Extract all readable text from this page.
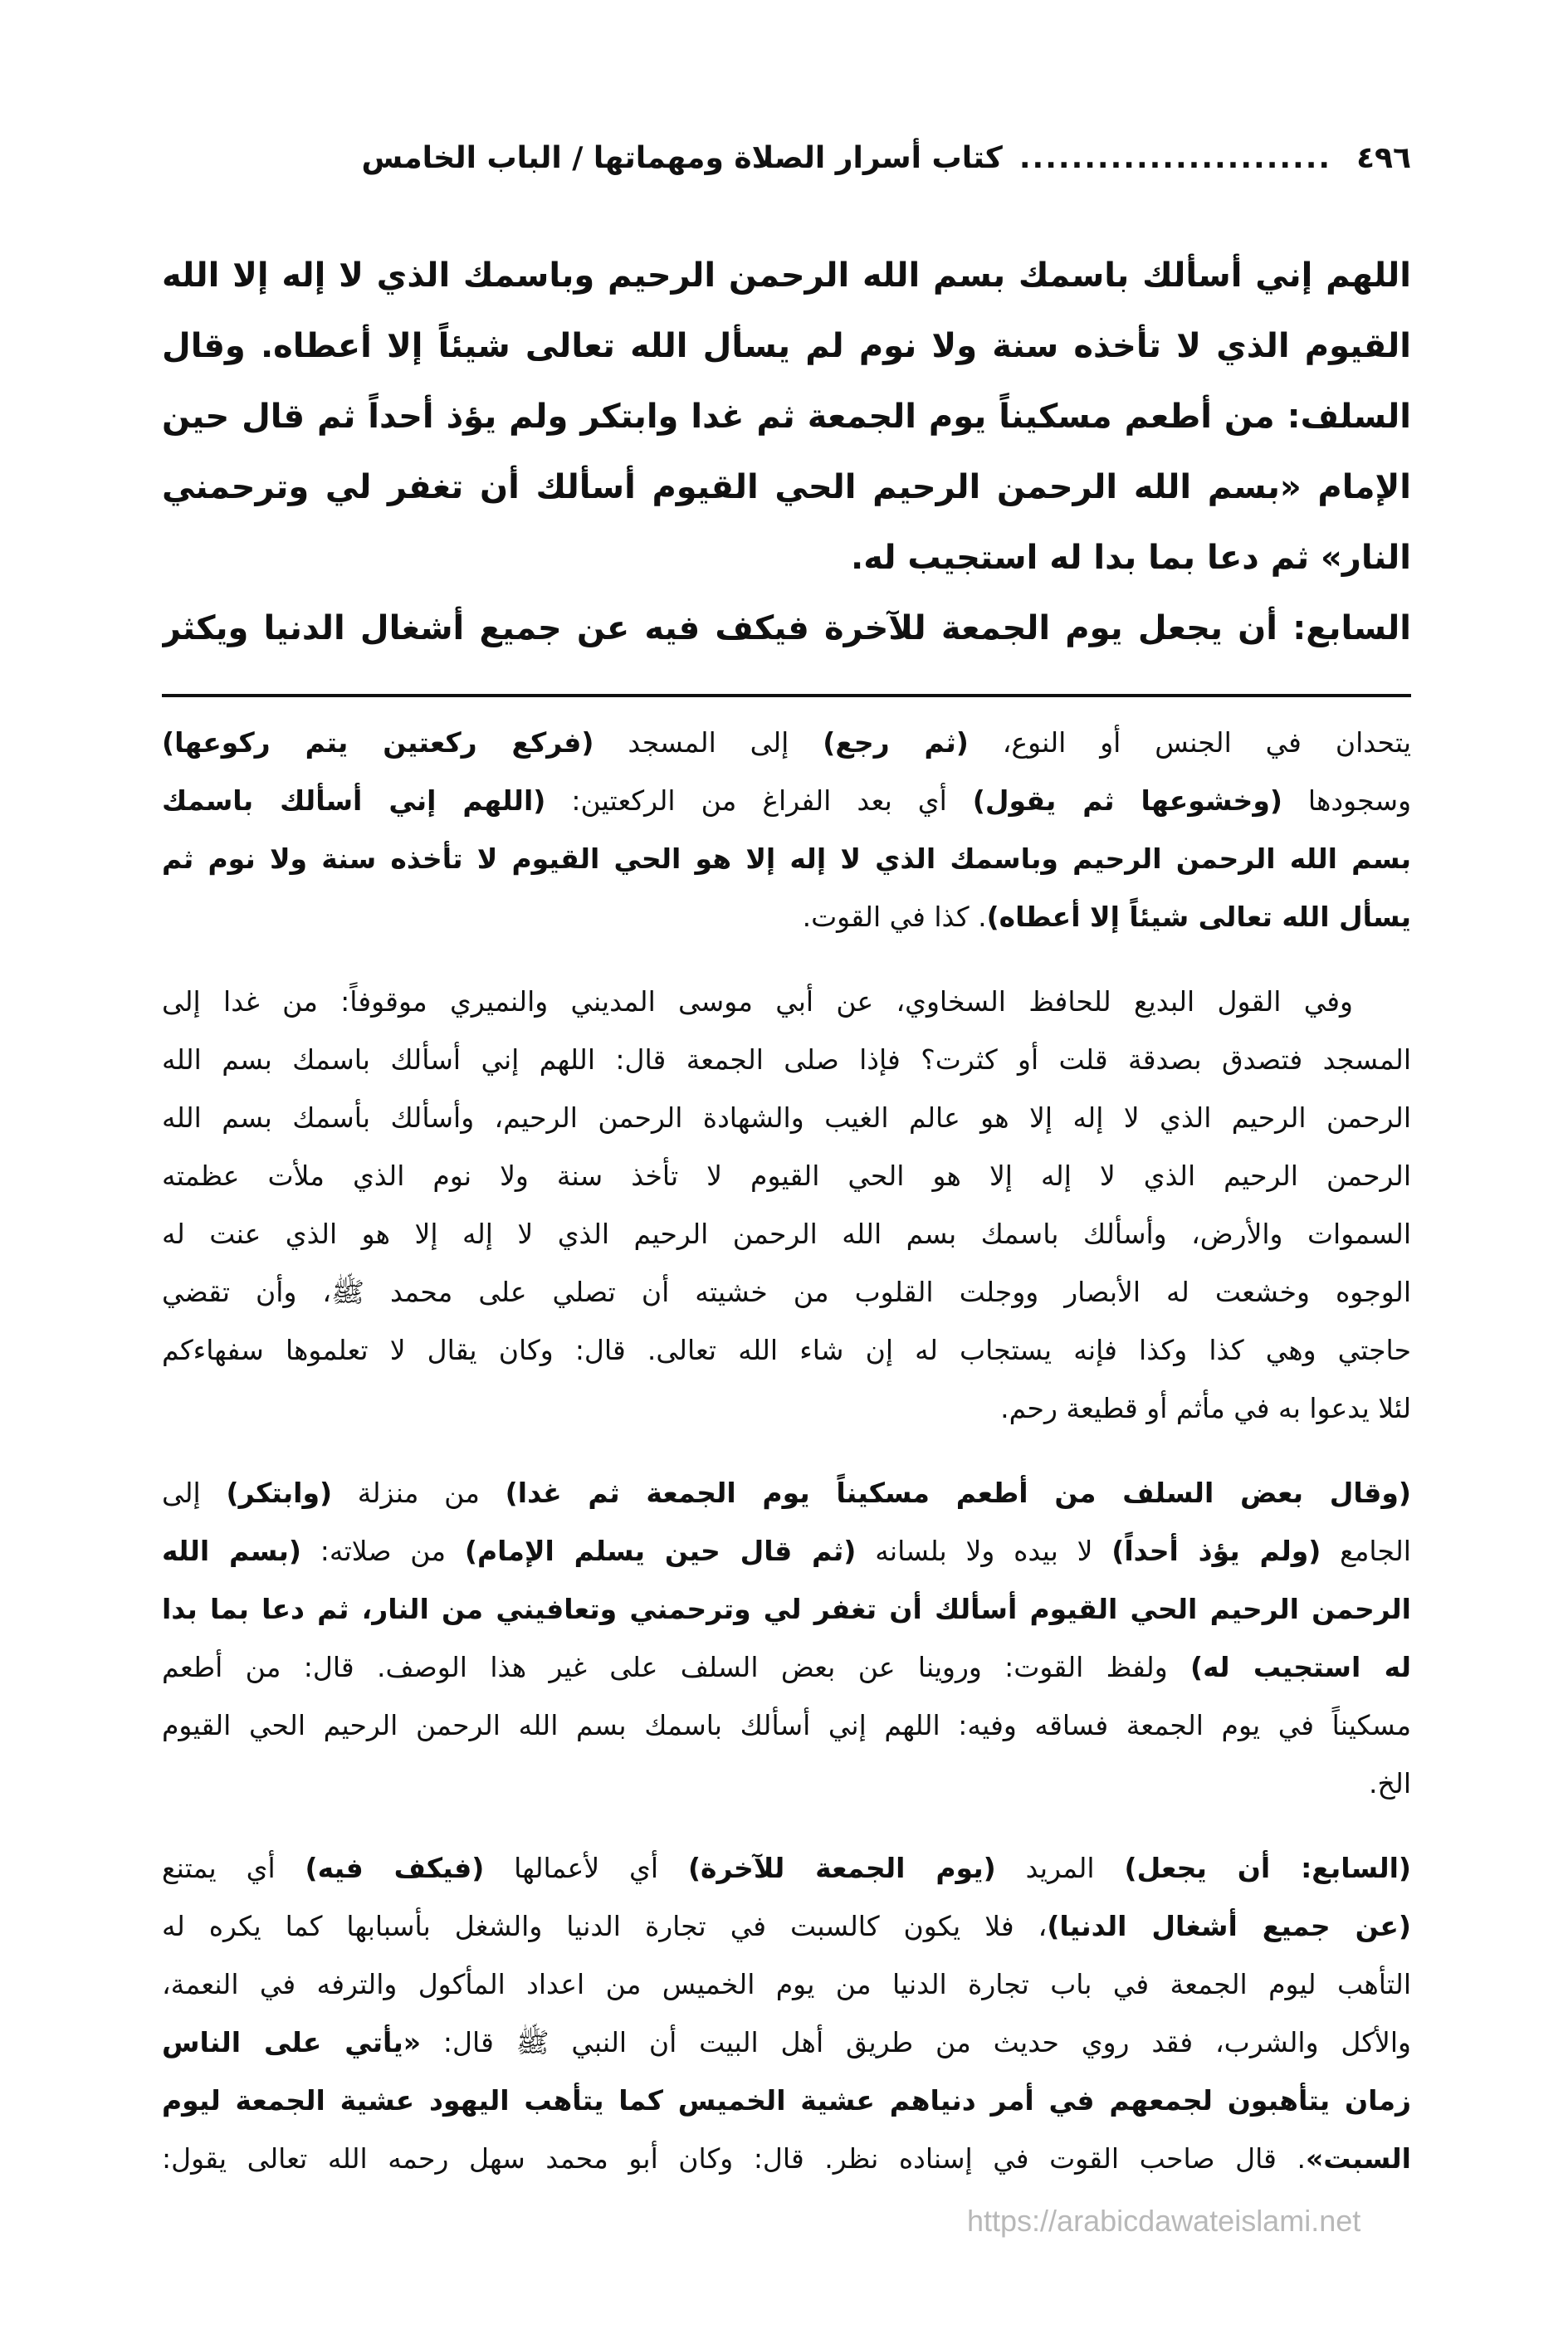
٤٩٦
........................
كتاب أسرار الصلاة ومهماتها / الباب الخامس
اللهم إني أسألك باسمك بسم الله الرحمن الرحيم وباسمك الذي لا إله إلا الله
القيوم الذي لا تأخذه سنة ولا نوم لم يسأل الله تعالى شيئاً إلا أعطاه. وقال
السلف: من أطعم مسكيناً يوم الجمعة ثم غدا وابتكر ولم يؤذ أحداً ثم قال حين
الإمام «بسم الله الرحمن الرحيم الحي القيوم أسألك أن تغفر لي وترحمني
النار» ثم دعا بما بدا له استجيب له.
السابع: أن يجعل يوم الجمعة للآخرة فيكف فيه عن جميع أشغال الدنيا ويكثر
يتحدان في الجنس أو النوع، (ثم رجع) إلى المسجد (فركع ركعتين يتم ركوعها)
وسجودها (وخشوعها ثم يقول) أي بعد الفراغ من الركعتين: (اللهم إني أسألك باسمك
بسم الله الرحمن الرحيم وباسمك الذي لا إله إلا هو الحي القيوم لا تأخذه سنة ولا نوم ثم
يسأل الله تعالى شيئاً إلا أعطاه). كذا في القوت.
وفي القول البديع للحافظ السخاوي، عن أبي موسى المديني والنميري موقوفاً: من غدا إلى
المسجد فتصدق بصدقة قلت أو كثرت؟ فإذا صلى الجمعة قال: اللهم إني أسألك باسمك بسم الله
الرحمن الرحيم الذي لا إله إلا هو عالم الغيب والشهادة الرحمن الرحيم، وأسألك بأسمك بسم الله
الرحمن الرحيم الذي لا إله إلا هو الحي القيوم لا تأخذ سنة ولا نوم الذي ملأت عظمته
السموات والأرض، وأسألك باسمك بسم الله الرحمن الرحيم الذي لا إله إلا هو الذي عنت له
الوجوه وخشعت له الأبصار ووجلت القلوب من خشيته أن تصلي على محمد ﷺ، وأن تقضي
حاجتي وهي كذا وكذا فإنه يستجاب له إن شاء الله تعالى. قال: وكان يقال لا تعلموها سفهاءكم
لئلا يدعوا به في مأثم أو قطيعة رحم.
(وقال بعض السلف من أطعم مسكيناً يوم الجمعة ثم غدا) من منزلة (وابتكر) إلى
الجامع (ولم يؤذ أحداً) لا بيده ولا بلسانه (ثم قال حين يسلم الإمام) من صلاته: (بسم الله
الرحمن الرحيم الحي القيوم أسألك أن تغفر لي وترحمني وتعافيني من النار، ثم دعا بما بدا
له استجيب له) ولفظ القوت: وروينا عن بعض السلف على غير هذا الوصف. قال: من أطعم
مسكيناً في يوم الجمعة فساقه وفيه: اللهم إني أسألك باسمك بسم الله الرحمن الرحيم الحي القيوم
الخ.
(السابع: أن يجعل) المريد (يوم الجمعة للآخرة) أي لأعمالها (فيكف فيه) أي يمتنع
(عن جميع أشغال الدنيا)، فلا يكون كالسبت في تجارة الدنيا والشغل بأسبابها كما يكره له
التأهب ليوم الجمعة في باب تجارة الدنيا من يوم الخميس من اعداد المأكول والترفه في النعمة،
والأكل والشرب، فقد روي حديث من طريق أهل البيت أن النبي ﷺ قال: «يأتي على الناس
زمان يتأهبون لجمعهم في أمر دنياهم عشية الخميس كما يتأهب اليهود عشية الجمعة ليوم
السبت». قال صاحب القوت في إسناده نظر. قال: وكان أبو محمد سهل رحمه الله تعالى يقول:
https://arabicdawateislami.net
